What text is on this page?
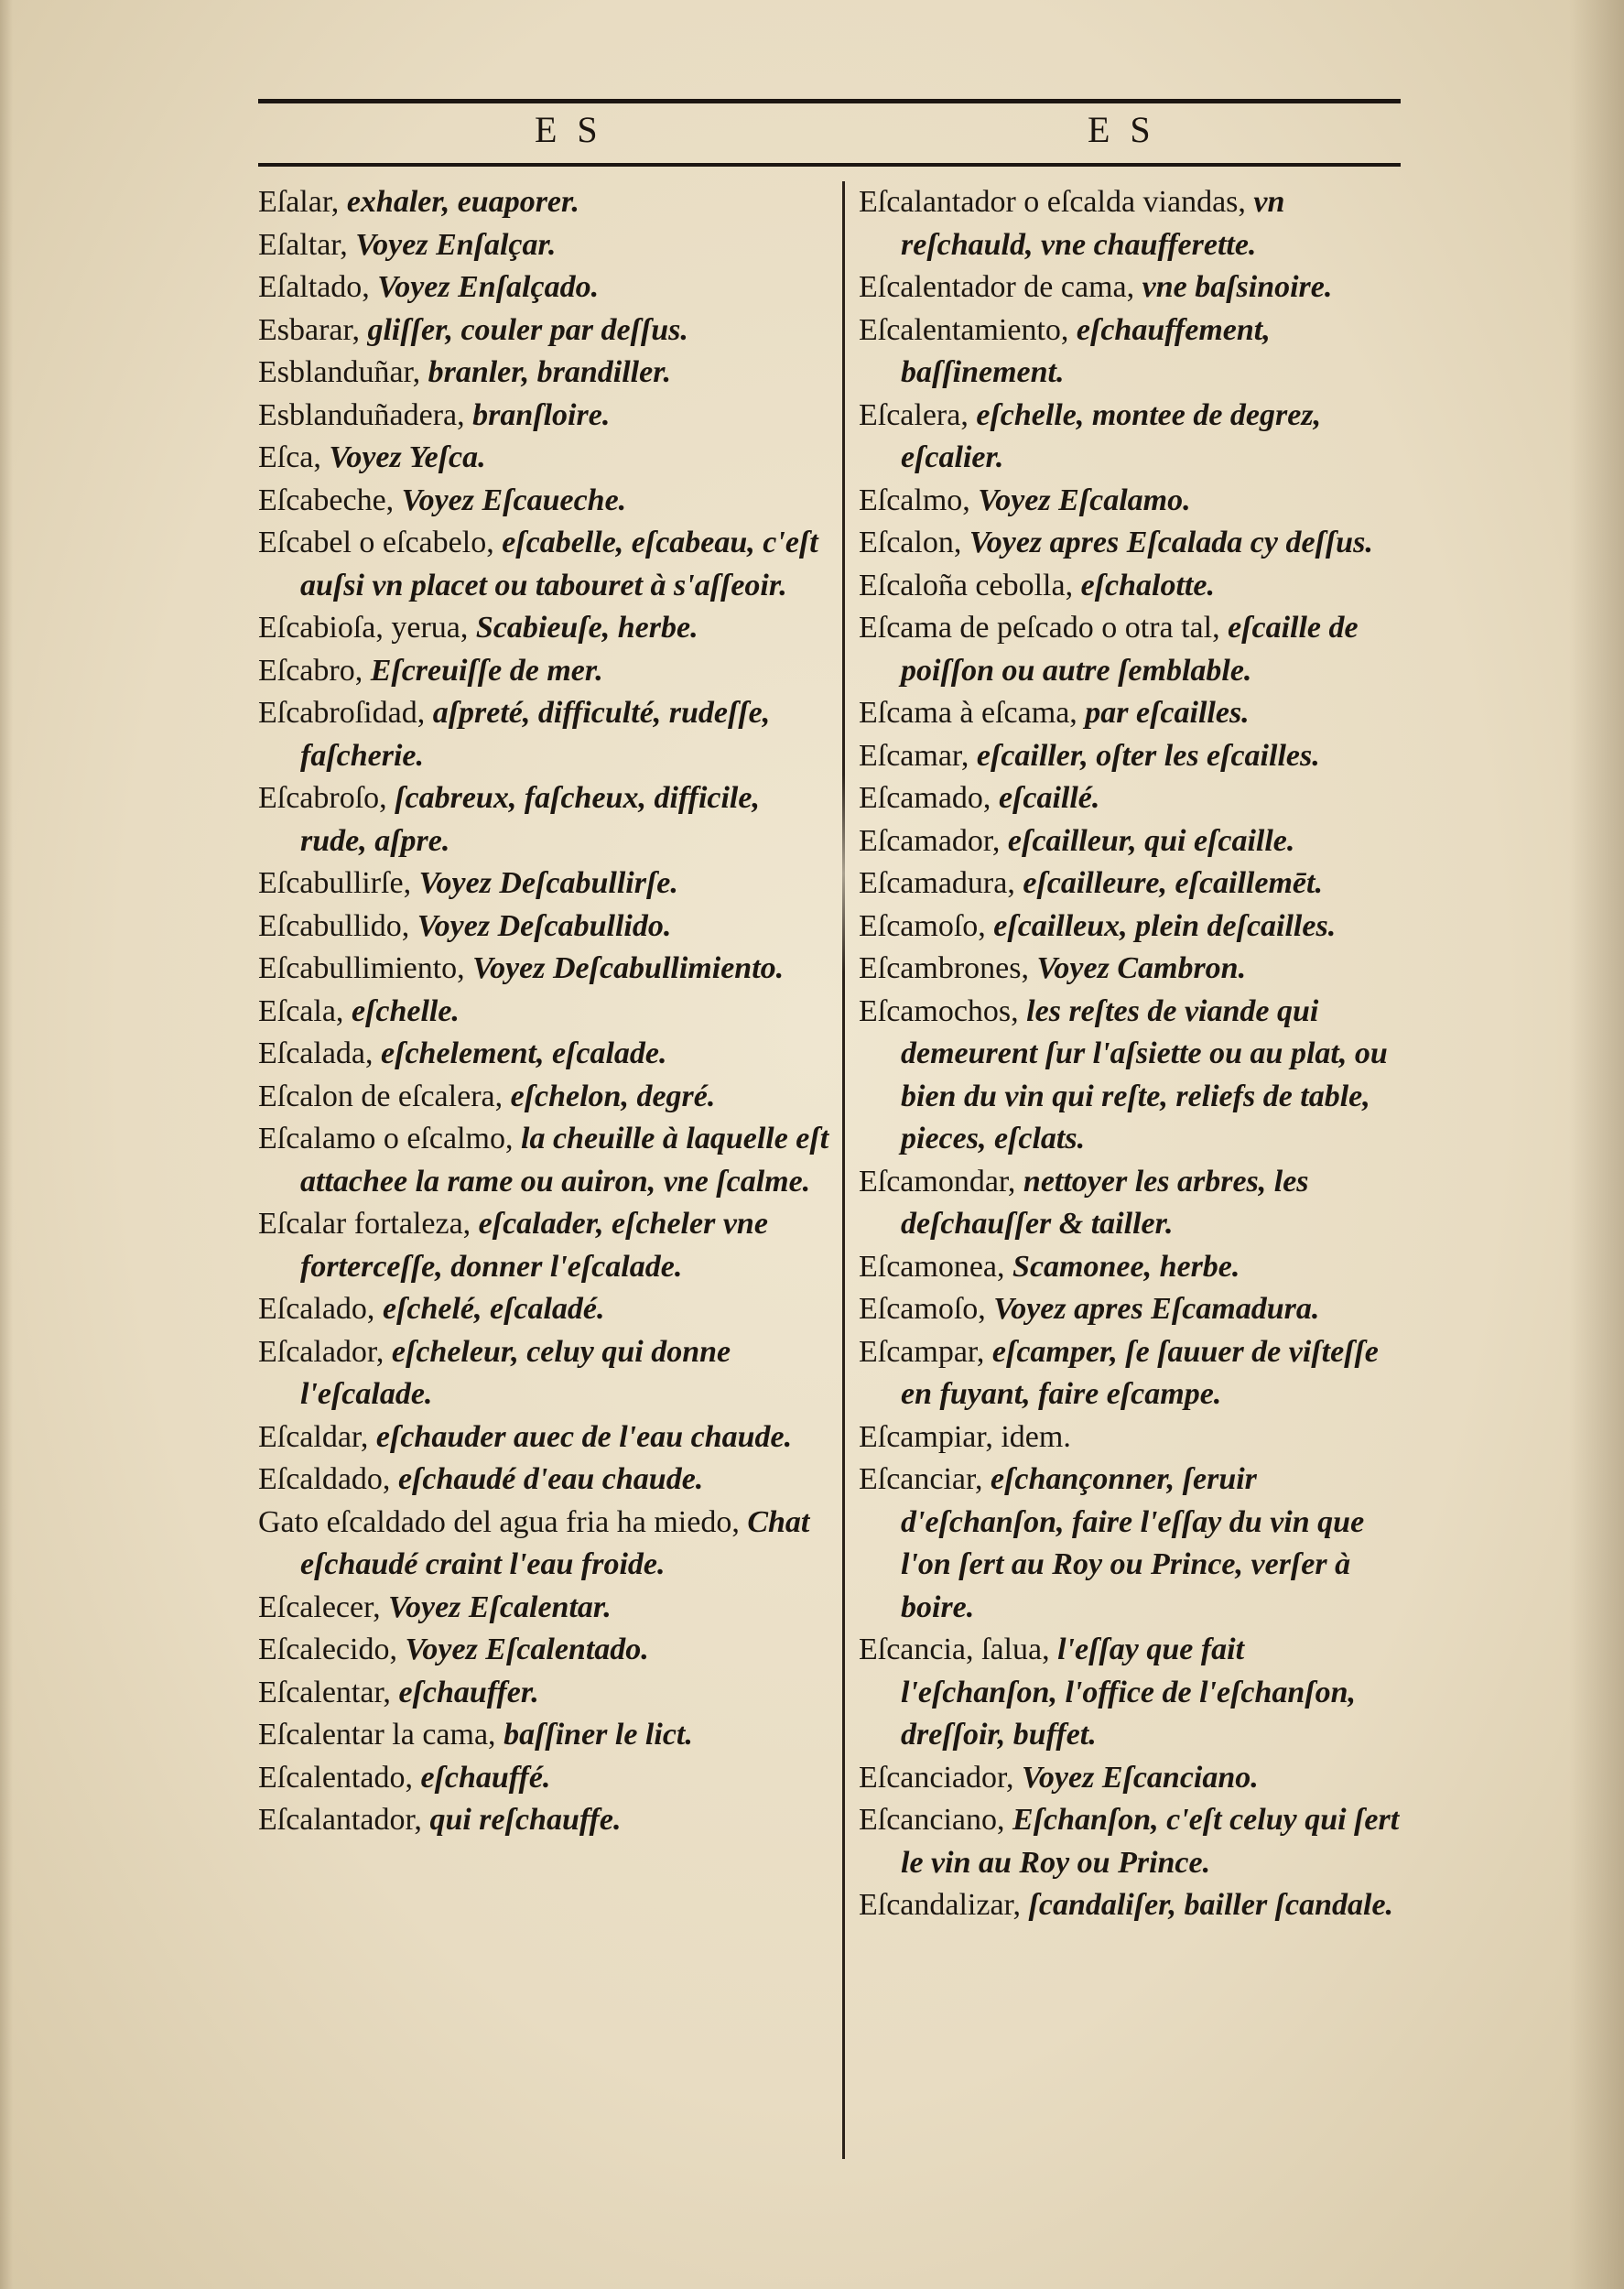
E S	E S

Eſalar, exhaler, euaporer.

Eſaltar, Voyez Enſalçar.

Eſaltado, Voyez Enſalçado.

Esbarar, gliſſer, couler par deſſus.

Esblanduñar, branler, brandiller.

Esblanduñadera, branſloire.

Eſca, Voyez Yeſca.

Eſcabeche, Voyez Eſcaueche.

Eſcabel o eſcabelo, eſcabelle, eſcabeau, c'eſt auſsi vn placet ou tabouret à s'aſſeoir.

Eſcabioſa, yerua, Scabieuſe, herbe.

Eſcabro, Eſcreuiſſe de mer.

Eſcabroſidad, aſpreté, difficulté, rudeſſe, faſcherie.

Eſcabroſo, ſcabreux, faſcheux, difficile, rude, aſpre.

Eſcabullirſe, Voyez Deſcabullirſe.

Eſcabullido, Voyez Deſcabullido.

Eſcabullimiento, Voyez Deſcabullimiento.

Eſcala, eſchelle.

Eſcalada, eſchelement, eſcalade.

Eſcalon de eſcalera, eſchelon, degré.

Eſcalamo o eſcalmo, la cheuille à laquelle eſt attachee la rame ou auiron, vne ſcalme.

Eſcalar fortaleza, eſcalader, eſcheler vne forterceſſe, donner l'eſcalade.

Eſcalado, eſchelé, eſcaladé.

Eſcalador, eſcheleur, celuy qui donne l'eſcalade.

Eſcaldar, eſchauder auec de l'eau chaude.

Eſcaldado, eſchaudé d'eau chaude.

Gato eſcaldado del agua fria ha miedo, Chat eſchaudé craint l'eau froide.

Eſcalecer, Voyez Eſcalentar.

Eſcalecido, Voyez Eſcalentado.

Eſcalentar, eſchauffer.

Eſcalentar la cama, baſſiner le lict.

Eſcalentado, eſchauffé.

Eſcalantador, qui reſchauffe.

Eſcalantador o eſcalda viandas, vn reſchauld, vne chaufferette.

Eſcalentador de cama, vne baſsinoire.

Eſcalentamiento, eſchauffement, baſſinement.

Eſcalera, eſchelle, montee de degrez, eſcalier.

Eſcalmo, Voyez Eſcalamo.

Eſcalon, Voyez apres Eſcalada cy deſſus.

Eſcaloña cebolla, eſchalotte.

Eſcama de peſcado o otra tal, eſcaille de poiſſon ou autre ſemblable.

Eſcama à eſcama, par eſcailles.

Eſcamar, eſcailler, oſter les eſcailles.

Eſcamado, eſcaillé.

Eſcamador, eſcailleur, qui eſcaille.

Eſcamadura, eſcailleure, eſcaillemēt.

Eſcamoſo, eſcailleux, plein deſcailles.

Eſcambrones, Voyez Cambron.

Eſcamochos, les reſtes de viande qui demeurent ſur l'aſsiette ou au plat, ou bien du vin qui reſte, reliefs de table, pieces, eſclats.

Eſcamondar, nettoyer les arbres, les deſchauſſer & tailler.

Eſcamonea, Scamonee, herbe.

Eſcamoſo, Voyez apres Eſcamadura.

Eſcampar, eſcamper, ſe ſauuer de viſteſſe en fuyant, faire eſcampe.

Eſcampiar, idem.

Eſcanciar, eſchançonner, ſeruir d'eſchanſon, faire l'eſſay du vin que l'on ſert au Roy ou Prince, verſer à boire.

Eſcancia, ſalua, l'eſſay que fait l'eſchanſon, l'office de l'eſchanſon, dreſſoir, buffet.

Eſcanciador, Voyez Eſcanciano.

Eſcanciano, Eſchanſon, c'eſt celuy qui ſert le vin au Roy ou Prince.

Eſcandalizar, ſcandaliſer, bailler ſcandale.
